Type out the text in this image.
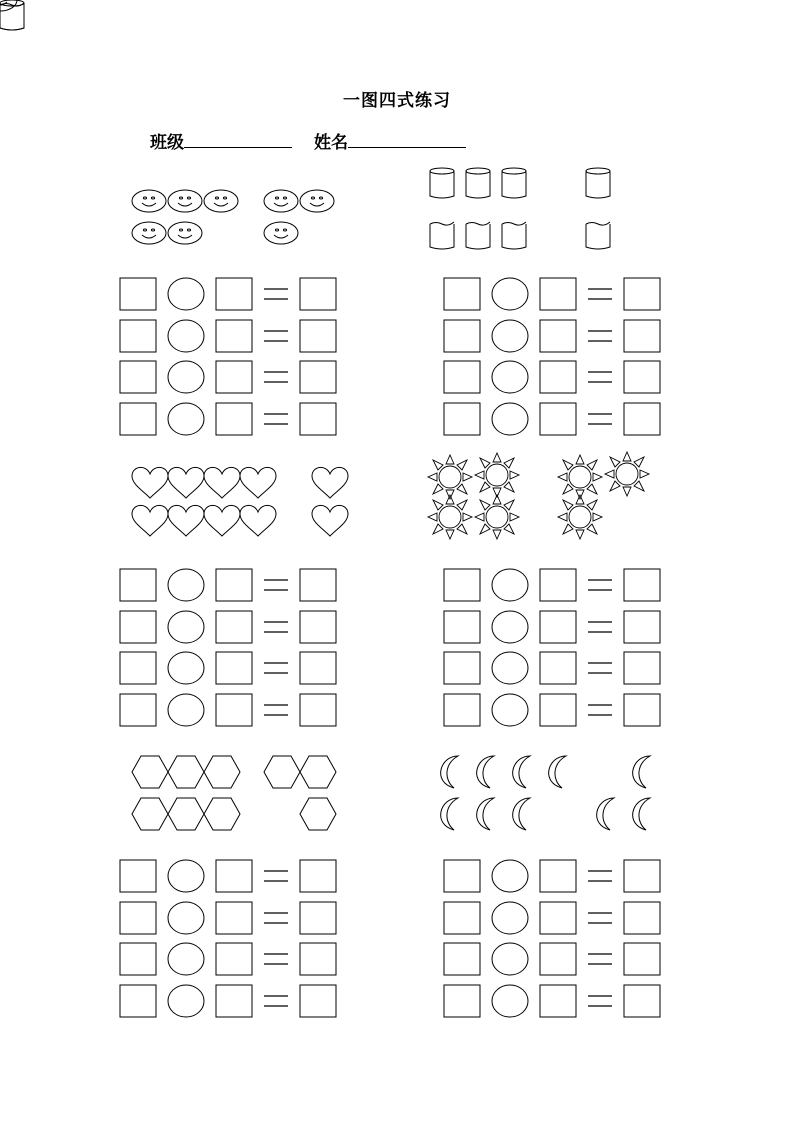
一图四式练习
班级	姓名
